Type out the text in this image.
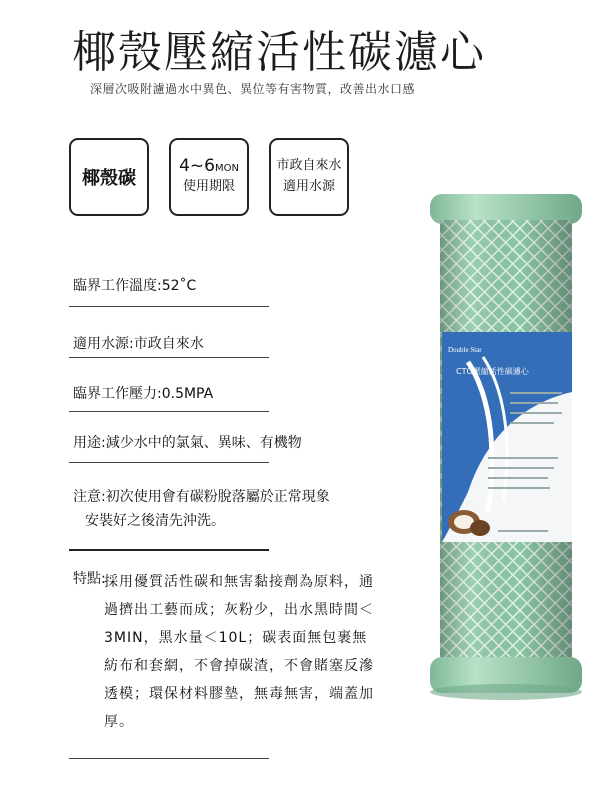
椰殼壓縮活性碳濾心
深層次吸附濾過水中異色、異位等有害物質，改善出水口感
椰殼碳
4~6MON
使用期限
市政自來水
適用水源
臨界工作溫度:52˚C
適用水源:市政自來水
臨界工作壓力:0.5MPA
用途:減少水中的氯氣、異味、有機物
注意:初次使用會有碳粉脫落屬於正常現象
安裝好之後清先沖洗。
特點:
採用優質活性碳和無害黏接劑為原料，通過擠出工藝而成；灰粉少，出水黑時間＜3MIN，黑水量＜10L；碳表面無包裹無紡布和套網，不會掉碳渣，不會賭塞反滲透模；環保材料膠墊，無毒無害，端蓋加厚。
Double Star
CTO壓縮活性碳濾心
